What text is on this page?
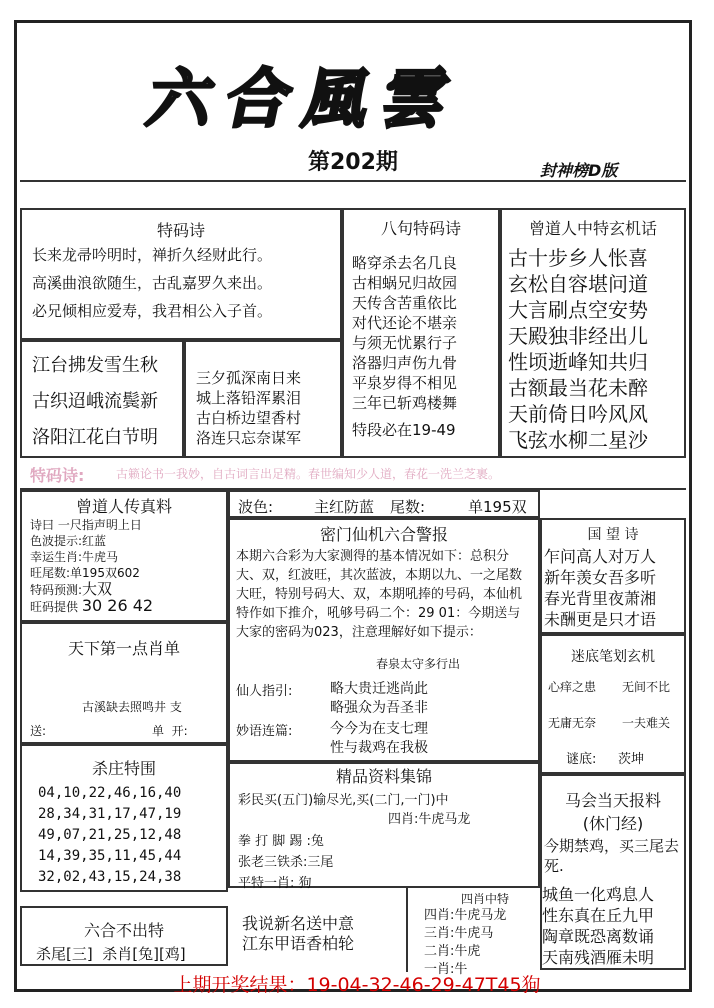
六合風雲
第202期	封神榜D版
特码诗
长来龙帚吟明时，禅折久经财此行。
高溪曲浪欲随生，古乱嘉罗久来出。
必兄倾相应爱寿，我君相公入子首。
江台拂发雪生秋
古织迢峨流鬓新
洛阳江花白节明
三夕孤深南日来
城上落铅浑累泪
古白桥边望香村
洛连只忘奈谋军
八句特码诗
略穿杀去名几良
古相蜗兄归故园
天传含苦重依比
对代还论不堪亲
与须无忧累行子
洛器归声伤九骨
平泉岁得不相见
三年已斩鸡楼舞
特段必在19-49
曾道人中特玄机话
古十步乡人怅喜
玄松自容堪问道
大言刷点空安势
天殿独非经出儿
性顷逝峰知共归
古额最当花未醉
天前倚日吟风风
飞弦水柳二星沙
特码诗:	古籁论书一我妙，自古词言出足精。春世编知少人道，春花一洗兰芝裹。
曾道人传真料
诗曰 一尺指声明上日
色波提示:红蓝
幸运生肖:牛虎马
旺尾数:单195双602
特码预测:大双
旺码提供 30 26 42
天下第一点肖单
古溪缺去照鸣井 支
送:	单  开:
杀庄特围
04,10,22,46,16,40
28,34,31,17,47,19
49,07,21,25,12,48
14,39,35,11,45,44
32,02,43,15,24,38
六合不出特
杀尾[三]  杀肖[兔][鸡]
波色:	主红防蓝 尾数:	单195双
密门仙机六合警报
本期六合彩为大家测得的基本情况如下：总积分大、双，红波旺，其次蓝波，本期以九、一之尾数大旺，特别号码大、双，本期吼捧的号码，本仙机特作如下推介，吼够号码二个：29 01：今期送与大家的密码为023，注意理解好如下提示：
春泉太守多行出
仙人指引:	略大贵迁逃尚此
略强众为吾圣非
妙语连篇:	今今为在支七理
性与裁鸡在我极
精品资料集锦
彩民买(五门)输尽光,买(二门,一门)中
四肖:牛虎马龙
拳 打 脚 踢 :兔
张老三铁杀:三尾
平特一肖: 狗
我说新名送中意
江东甲语香柏轮
四肖中特
四肖:牛虎马龙
三肖:牛虎马
二肖:牛虎
一肖:牛
国 望 诗
乍问高人对万人
新年羡女吾多听
春光背里夜萧湘
未酬更是只才语
迷底笔划玄机
心痒之患 无间不比
无庸无奈 一夫难关
谜底: 茨坤
马会当天报料
(休门经)
今期禁鸡，买三尾去死.
城鱼一化鸡息人
性东真在丘九甲
陶章既恐离数诵
天南残酒雁未明
上期开奖结果：19-04-32-46-29-47T45狗
